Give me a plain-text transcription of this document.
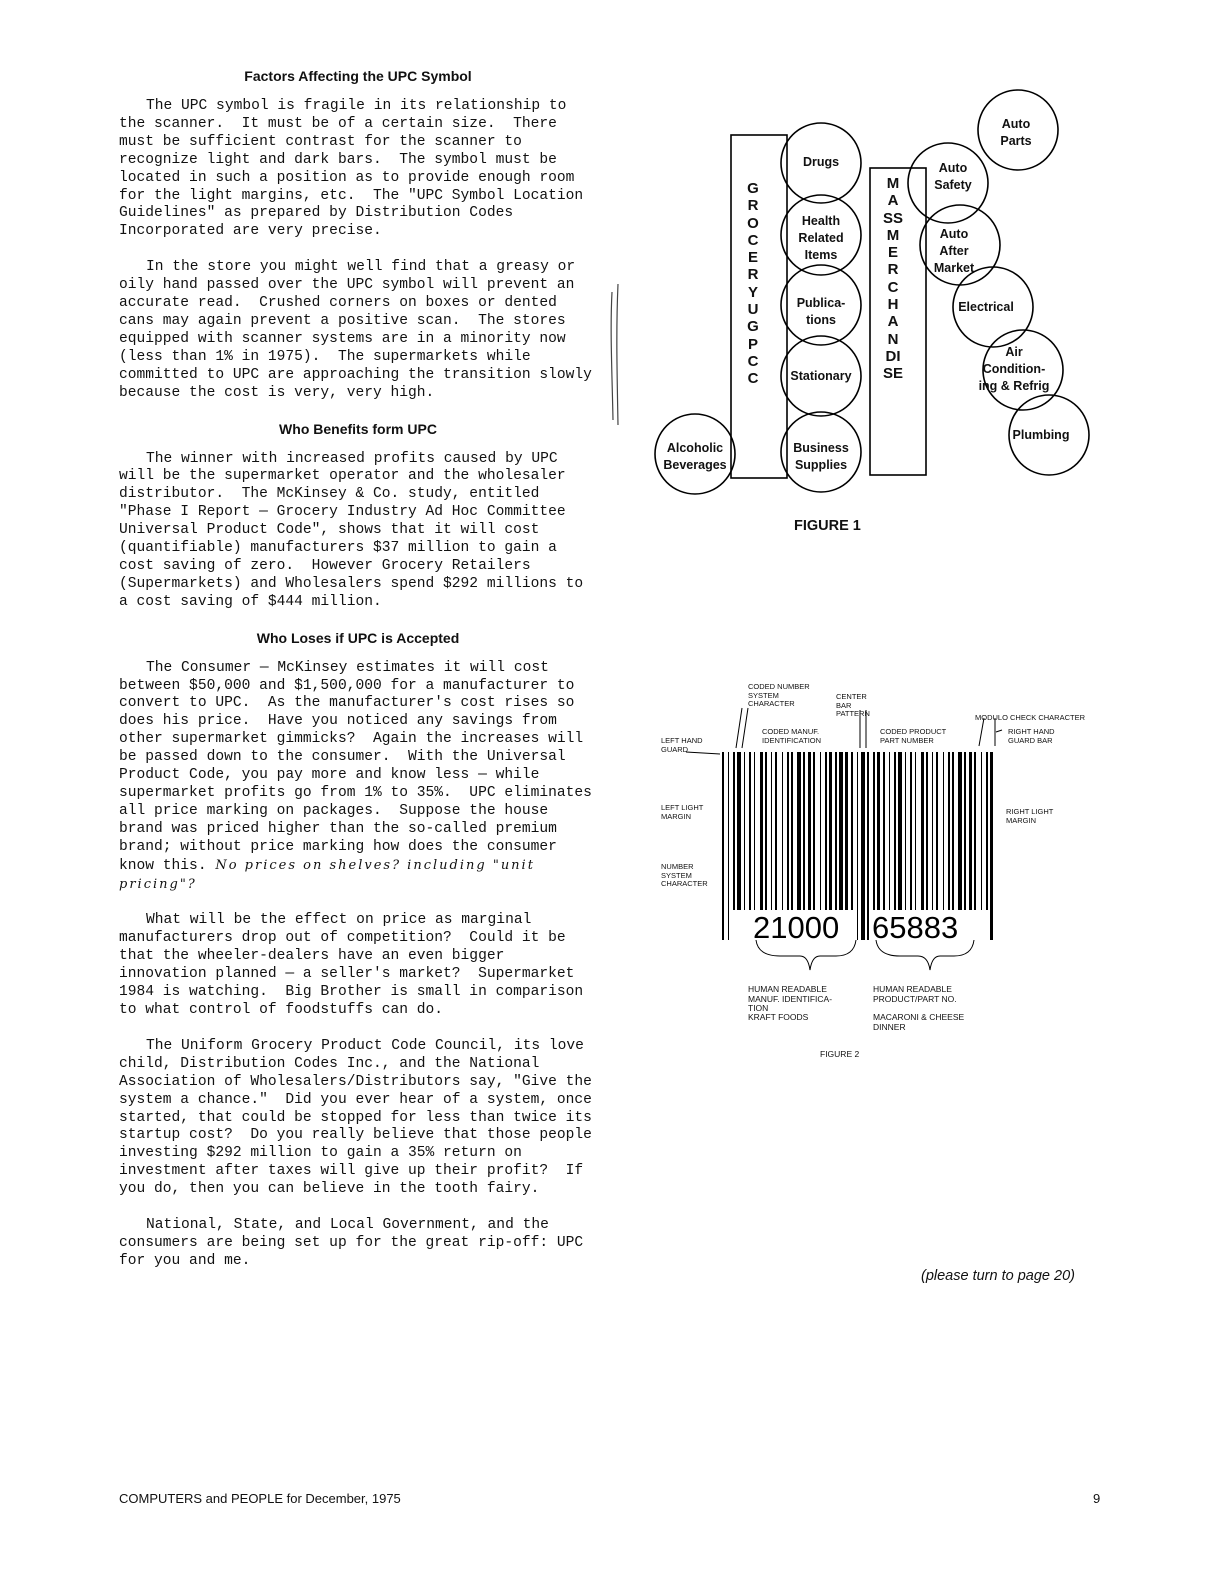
Factors Affecting the UPC Symbol

The UPC symbol is fragile in its relationship to the scanner.  It must be of a certain size.  There must be sufficient contrast for the scanner to recognize light and dark bars.  The symbol must be located in such a position as to provide enough room for the light margins, etc.  The "UPC Symbol Location Guidelines" as prepared by Distribution Codes Incorporated are very precise.

In the store you might well find that a greasy or oily hand passed over the UPC symbol will prevent an accurate read.  Crushed corners on boxes or dented cans may again prevent a positive scan.  The stores equipped with scanner systems are in a minority now (less than 1% in 1975).  The supermarkets while committed to UPC are approaching the transition slowly because the cost is very, very high.

Who Benefits form UPC

The winner with increased profits caused by UPC will be the supermarket operator and the wholesaler distributor.  The McKinsey & Co. study, entitled "Phase I Report — Grocery Industry Ad Hoc Committee Universal Product Code", shows that it will cost (quantifiable) manufacturers $37 million to gain a cost saving of zero.  However Grocery Retailers (Supermarkets) and Wholesalers spend $292 millions to a cost saving of $444 million.

Who Loses if UPC is Accepted

The Consumer — McKinsey estimates it will cost between $50,000 and $1,500,000 for a manufacturer to convert to UPC.  As the manufacturer's cost rises so does his price.  Have you noticed any savings from other supermarket gimmicks?  Again the increases will be passed down to the consumer.  With the Universal Product Code, you pay more and know less — while supermarket profits go from 1% to 35%.  UPC eliminates all price marking on packages.  Suppose the house brand was priced higher than the so-called premium brand; without price marking how does the consumer know this. No prices on shelves? including "unit pricing"?

What will be the effect on price as marginal manufacturers drop out of competition?  Could it be that the wheeler-dealers have an even bigger innovation planned — a seller's market?  Supermarket 1984 is watching.  Big Brother is small in comparison to what control of foodstuffs can do.

The Uniform Grocery Product Code Council, its love child, Distribution Codes Inc., and the National Association of Wholesalers/Distributors say, "Give the system a chance."  Did you ever hear of a system, once started, that could be stopped for less than twice its startup cost?  Do you really believe that those people investing $292 million to gain a 35% return on investment after taxes will give up their profit?  If you do, then you can believe in the tooth fairy.

National, State, and Local Government, and the consumers are being set up for the great rip-off: UPC for you and me.

GROCERY UGPCC
MASS MERCHANDISE
Drugs
Health Related Items
Publica-tions
Stationary
Business Supplies
Alcoholic Beverages
Auto Parts
Auto Safety
Auto After Market
Electrical
Air Condition-ing & Refrig
Plumbing
FIGURE 1
21000 65883
CODED NUMBER SYSTEM CHARACTER
CENTER BAR PATTERN
CODED MANUF. IDENTIFICATION
CODED PRODUCT PART NUMBER
MODULO CHECK CHARACTER
RIGHT HAND GUARD BAR
LEFT HAND GUARD
LEFT LIGHT MARGIN	RIGHT LIGHT MARGIN
NUMBER SYSTEM CHARACTER
HUMAN READABLE MANUF. IDENTIFICA-TION
KRAFT FOODS
HUMAN READABLE PRODUCT/PART NO.
MACARONI & CHEESE DINNER
FIGURE 2
(please turn to page 20)
COMPUTERS and PEOPLE for December, 1975	9
